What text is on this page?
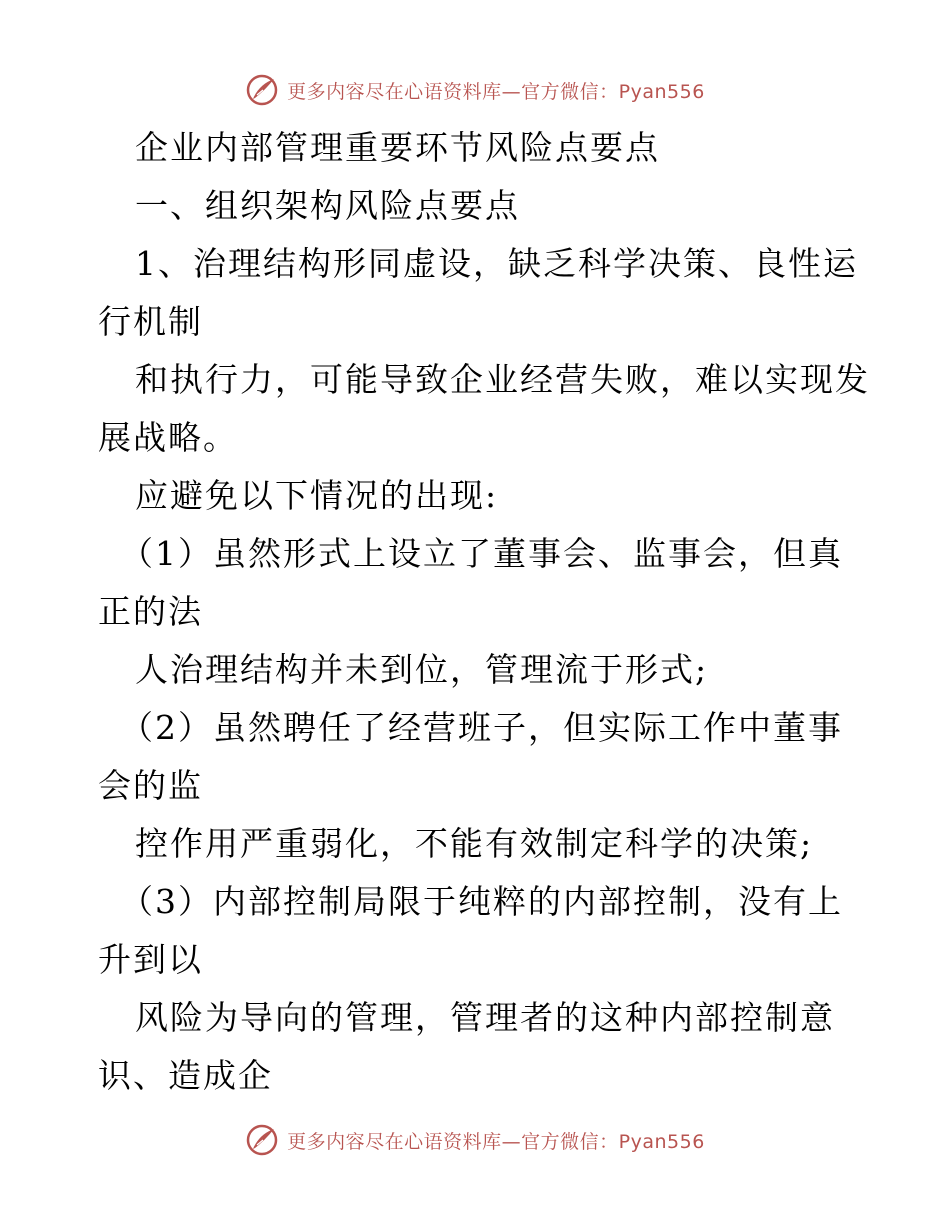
更多内容尽在心语资料库—官方微信：Pyan556
企业内部管理重要环节风险点要点
一、组织架构风险点要点
1、治理结构形同虚设，缺乏科学决策、良性运
行机制
和执行力，可能导致企业经营失败，难以实现发
展战略。
应避免以下情况的出现:
（1）虽然形式上设立了董事会、监事会，但真
正的法
人治理结构并未到位，管理流于形式;
（2）虽然聘任了经营班子，但实际工作中董事
会的监
控作用严重弱化，不能有效制定科学的决策;
（3）内部控制局限于纯粹的内部控制，没有上
升到以
风险为导向的管理，管理者的这种内部控制意
识、造成企
更多内容尽在心语资料库—官方微信：Pyan556
